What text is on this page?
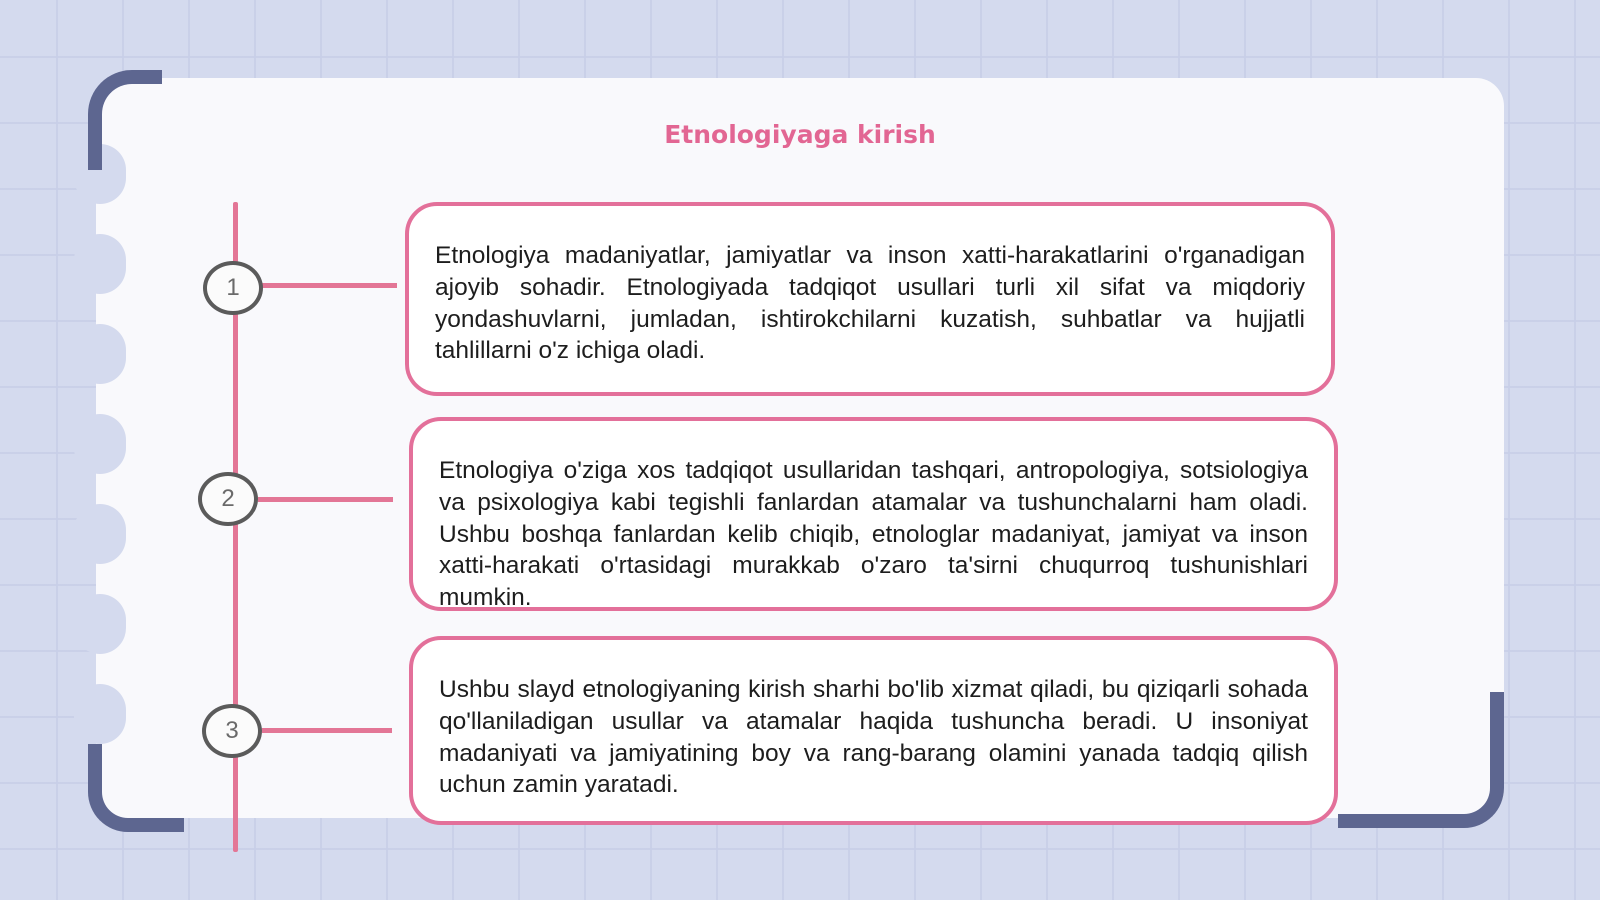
Etnologiyaga kirish
1
2
3
Etnologiya madaniyatlar, jamiyatlar va inson xatti-harakatlarini o'rganadigan ajoyib sohadir. Etnologiyada tadqiqot usullari turli xil sifat va miqdoriy yondashuvlarni, jumladan, ishtirokchilarni kuzatish, suhbatlar va hujjatli tahlillarni o'z ichiga oladi.
Etnologiya o'ziga xos tadqiqot usullaridan tashqari, antropologiya, sotsiologiya va psixologiya kabi tegishli fanlardan atamalar va tushunchalarni ham oladi. Ushbu boshqa fanlardan kelib chiqib, etnologlar madaniyat, jamiyat va inson xatti-harakati o'rtasidagi murakkab o'zaro ta'sirni chuqurroq tushunishlari mumkin.
Ushbu slayd etnologiyaning kirish sharhi bo'lib xizmat qiladi, bu qiziqarli sohada qo'llaniladigan usullar va atamalar haqida tushuncha beradi. U insoniyat madaniyati va jamiyatining boy va rang-barang olamini yanada tadqiq qilish uchun zamin yaratadi.
